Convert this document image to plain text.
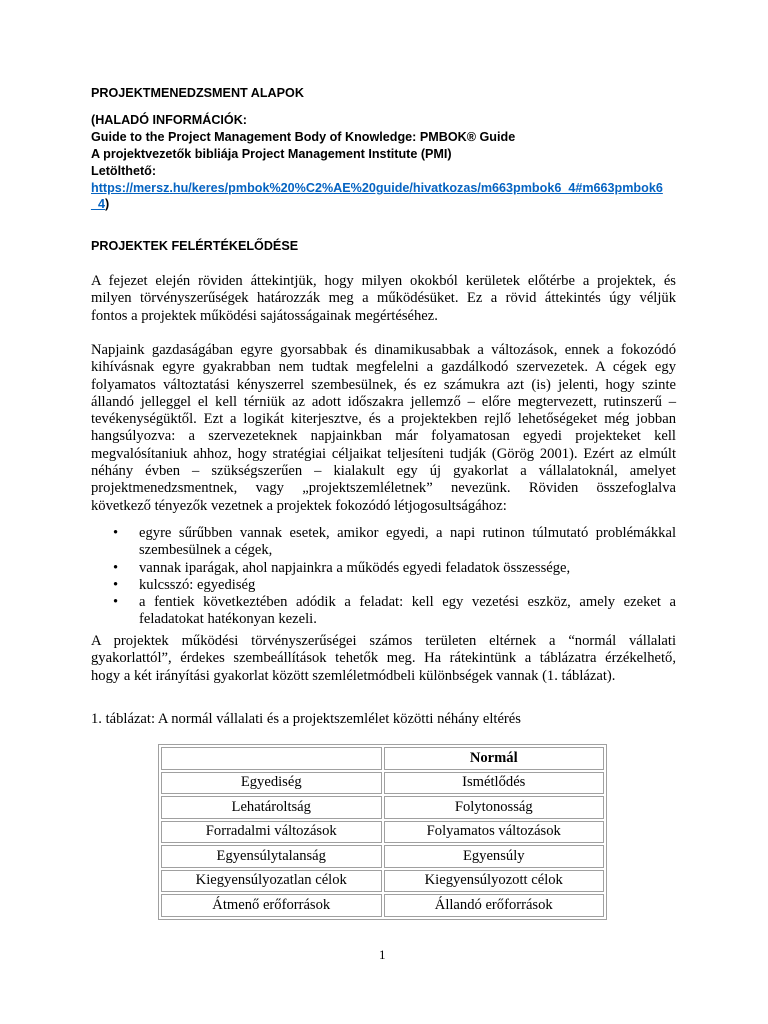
PROJEKTMENEDZSMENT ALAPOK
(HALADÓ INFORMÁCIÓK:
Guide to the Project Management Body of Knowledge: PMBOK® Guide
A projektvezetők bibliája Project Management Institute (PMI)
Letölthető:
https://mersz.hu/keres/pmbok%20%C2%AE%20guide/hivatkozas/m663pmbok6_4#m663pmbok6
_4)
PROJEKTEK FELÉRTÉKELŐDÉSE
A fejezet elején röviden áttekintjük, hogy milyen okokból kerületek előtérbe a projektek, és
milyen törvényszerűségek határozzák meg a működésüket. Ez a rövid áttekintés úgy véljük
fontos a projektek működési sajátosságainak megértéséhez.
Napjaink gazdaságában egyre gyorsabbak és dinamikusabbak a változások, ennek a fokozódó
kihívásnak egyre gyakrabban nem tudtak megfelelni a gazdálkodó szervezetek. A cégek egy
folyamatos változtatási kényszerrel szembesülnek, és ez számukra azt (is) jelenti, hogy szinte
állandó jelleggel el kell térniük az adott időszakra jellemző – előre megtervezett, rutinszerű –
tevékenységüktől. Ezt a logikát kiterjesztve, és a projektekben rejlő lehetőségeket még jobban
hangsúlyozva: a szervezeteknek napjainkban már folyamatosan egyedi projekteket kell
megvalósítaniuk ahhoz, hogy stratégiai céljaikat teljesíteni tudják (Görög 2001). Ezért az elmúlt
néhány évben – szükségszerűen – kialakult egy új gyakorlat a vállalatoknál, amelyet
projektmenedzsmentnek, vagy „projektszemléletnek” nevezünk. Röviden összefoglalva
következő tényezők vezetnek a projektek fokozódó létjogosultságához:
• egyre sűrűbben vannak esetek, amikor egyedi, a napi rutinon túlmutató problémákkal
szembesülnek a cégek,
• vannak iparágak, ahol napjainkra a működés egyedi feladatok összessége,
• kulcsszó: egyediség
• a fentiek következtében adódik a feladat: kell egy vezetési eszköz, amely ezeket a
feladatokat hatékonyan kezeli.
A projektek működési törvényszerűségei számos területen eltérnek a “normál vállalati
gyakorlattól”, érdekes szembeállítások tehetők meg. Ha rátekintünk a táblázatra érzékelhető,
hogy a két irányítási gyakorlat között szemléletmódbeli különbségek vannak (1. táblázat).
1. táblázat: A normál vállalati és a projektszemlélet közötti néhány eltérés
	Normál
Egyediség	Ismétlődés
Lehatároltság	Folytonosság
Forradalmi változások	Folyamatos változások
Egyensúlytalanság	Egyensúly
Kiegyensúlyozatlan célok	Kiegyensúlyozott célok
Átmenő erőforrások	Állandó erőforrások
1
